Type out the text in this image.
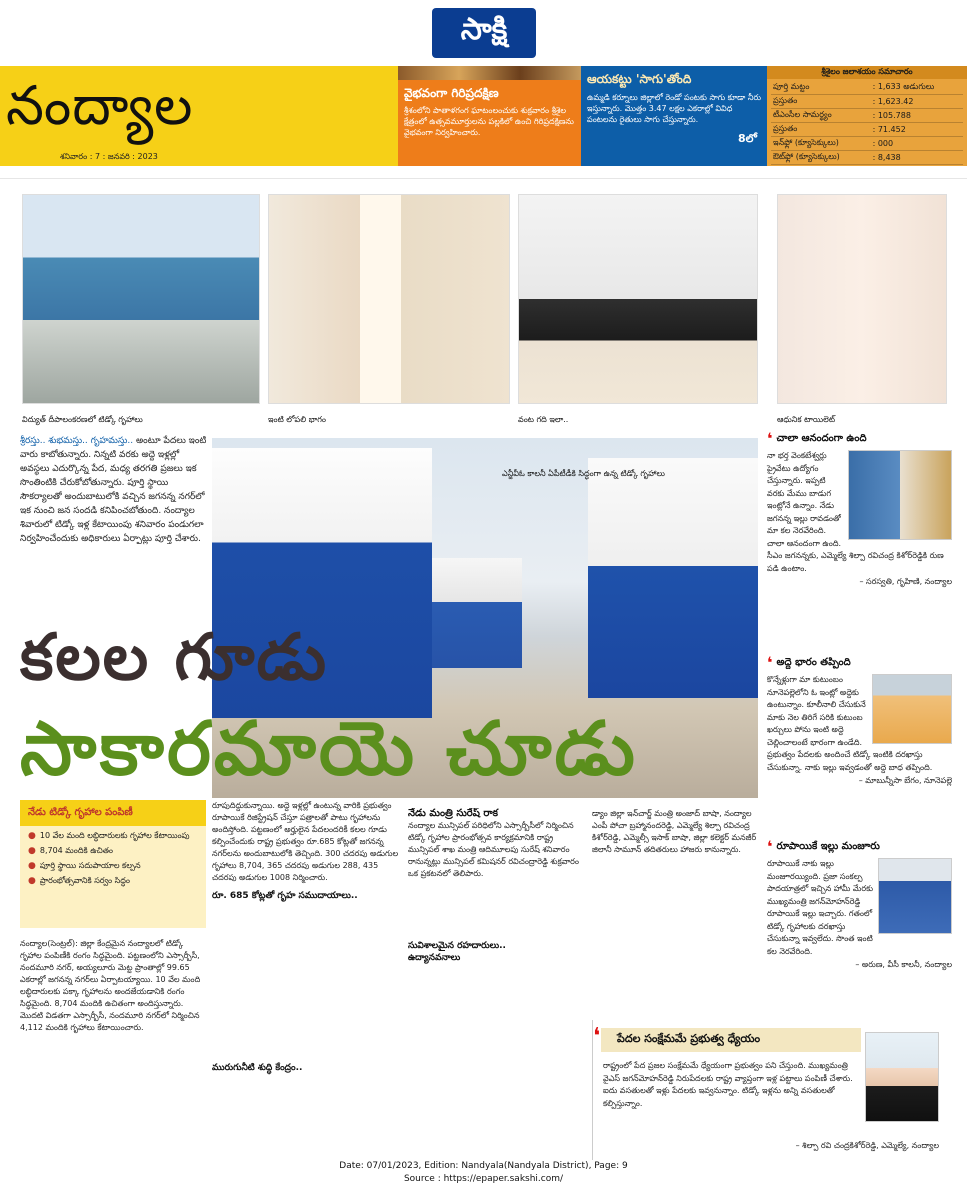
సాక్షి
నంద్యాల
శనివారం : 7 : జనవరి : 2023
వైభవంగా గిరిప్రదక్షిణ

శ్రీశంలోని పాతాళగంగ ఘాటంలంచుకు శుక్రవారం శ్రీశైల క్షేత్రంలో ఉత్సవమూర్తులను పల్లకిలో ఉంచి గిరిప్రదక్షిణను వైభవంగా నిర్వహించారు.

ఆయకట్టు 'సాగు'తోంది

ఉమ్మడి కర్నూలు జిల్లాలో రెండో పంటకు సాగు కూడా నీరు ఇస్తున్నారు. మొత్తం 3.47 లక్షల ఎకరాల్లో వివిధ పంటలను రైతులు సాగు చేస్తున్నారు.

8లో
శ్రీశైలం జలాశయం సమాచారం
పూర్తి మట్టం	: 1,633 అడుగులు
ప్రస్తుతం	: 1,623.42
టీఎంసీల సామర్థ్యం	: 105.788
ప్రస్తుతం	: 71.452
ఇన్‌ఫ్లో (క్యూసెక్కులు)	: 000
ఔట్‌ఫ్లో (క్యూసెక్కులు)	: 8,438
విద్యుత్ దీపాలంకరణలో టిడ్కో గృహాలు	ఇంటి లోపలి భాగం	వంట గది ఇలా..	ఆధునిక టాయిలెట్
శ్రీరస్తు.. శుభమస్తు.. గృహమస్తు.. అంటూ పేదలు ఇంటి వారు కాబోతున్నారు. నిన్నటి వరకు అద్దె ఇళ్లల్లో అవస్థలు ఎదుర్కొన్న పేద, మధ్య తరగతి ప్రజలు ఇక సొంతింటికి చేరుకోబోతున్నారు. పూర్తి స్థాయి సౌకర్యాలతో అందుబాటులోకి వచ్చిన జగనన్న నగర్‌లో ఇక నుంచి జన సందడి కనిపించబోతుంది. నంద్యాల శివారులో టిడ్కో ఇళ్ల కేటాయింపు శనివారం పండుగలా నిర్వహించేందుకు అధికారులు ఏర్పాట్లు పూర్తి చేశారు.
ఎన్జీవీఓ కాలనీ ఏపీటీడీకి సిద్ధంగా ఉన్న టిడ్కో గృహాలు
కలల గూడు
సాకారమాయె చూడు
❛ చాలా ఆనందంగా ఉంది
నా భర్త వెంకటేశ్వర్లు ప్రైవేటు ఉద్యోగం చేస్తున్నారు. ఇప్పటి వరకు మేము బాడుగ ఇంట్లోనే ఉన్నాం. నేడు జగనన్న ఇల్లు రావడంతో మా కల నెరవేరింది. చాలా ఆనందంగా ఉంది. సీఎం జగనన్నకు, ఎమ్మెల్యే శిల్పా రవిచంద్ర కిశోర్‌రెడ్డికి రుణ పడి ఉంటాం.
– సరస్వతి, గృహిణి, నంద్యాల
❛ అద్దె భారం తప్పింది
కొన్నేళ్లుగా మా కుటుంబం నూనెపల్లెలోని ఓ ఇంట్లో అద్దెకు ఉంటున్నాం. కూలీనాలి చేసుకునే మాకు నెల తిరిగే సరికి కుటుంబ ఖర్చులు పోను ఇంటి అద్దె చెల్లించాలంటే భారంగా ఉండేది. ప్రభుత్వం పేదలకు అందించే టిడ్కో ఇంటికి దరఖాస్తు చేసుకున్నా. నాకు ఇల్లు ఇవ్వడంతో అద్దె బాధ తప్పింది.
– మాబున్నీసా బేగం, నూనెపల్లె
❛ రూపాయికే ఇల్లు మంజూరు
రూపాయికే నాకు ఇల్లు మంజూరయ్యింది. ప్రజా సంకల్ప పాదయాత్రలో ఇచ్చిన హామీ మేరకు ముఖ్యమంత్రి జగన్‌మోహన్‌రెడ్డి రూపాయికే ఇల్లు ఇచ్చారు. గతంలో టిడ్కో గృహాలకు దరఖాస్తు చేసుకున్నా ఇవ్వలేదు. సొంత ఇంటి కల నెరవేరింది.
– అరుణ, వీసీ కాలనీ, నంద్యాల
నేడు టిడ్కో గృహాల పంపిణీ
● 10 వేల మంది లబ్ధిదారులకు గృహాల కేటాయింపు
● 8,704 మందికి ఉచితం
● పూర్తి స్థాయి సదుపాయాల కల్పన
● ప్రారంభోత్సవానికి సర్వం సిద్ధం
నంద్యాల(సెంట్రల్): జిల్లా కేంద్రమైన నంద్యాలలో టిడ్కో గృహాల పంపిణీకి రంగం సిద్ధమైంది. పట్టణంలోని ఎస్సార్బీసీ, నందమూరి నగర్, అయ్యలూరు మెట్ట ప్రాంతాల్లో 99.65 ఎకరాల్లో జగనన్న నగర్‌లు ఏర్పాటయ్యాయి. 10 వేల మంది లబ్ధిదారులకు పక్కా గృహాలను అందజేయడానికి రంగం సిద్ధమైంది. 8,704 మందికి ఉచితంగా అందిస్తున్నారు. మొదటి విడతగా ఎస్సార్బీసీ, నందమూరి నగర్‌లో నిర్మించిన 4,112 మందికి గృహాలు కేటాయించారు.
రూపుదిద్దుకున్నాయి. అద్దె ఇళ్లల్లో ఉంటున్న వారికి ప్రభుత్వం రూపాయికే రిజిస్ట్రేషన్ చేస్తూ పత్రాలతో పాటు గృహాలను అందిస్తోంది. పట్టణంలో అర్హులైన పేదలందరికీ కలల గూడు కల్పించేందుకు రాష్ట్ర ప్రభుత్వం రూ.685 కోట్లతో జగనన్న నగర్‌లను అందుబాటులోకి తెచ్చింది. 300 చదరపు అడుగుల గృహాలు 8,704, 365 చదరపు అడుగుల 288, 435 చదరపు అడుగుల 1008 నిర్మించారు.
రూ. 685 కోట్లతో గృహ సముదాయాలు..
మురుగునీటి శుద్ధి కేంద్రం..
నేడు మంత్రి సురేష్ రాక
నంద్యాల మున్సిపల్ పరిధిలోని ఎస్సార్బీసీలో నిర్మించిన టిడ్కో గృహాల ప్రారంభోత్సవ కార్యక్రమానికి రాష్ట్ర మున్సిపల్ శాఖ మంత్రి ఆదిమూలపు సురేష్ శనివారం రానున్నట్లు మున్సిపల్ కమిషనర్ రవిచంద్రారెడ్డి శుక్రవారం ఒక ప్రకటనలో తెలిపారు.
సువిశాలమైన రహదారులు..
ఉద్యానవనాలు
డ్యాం జిల్లా ఇన్‌చార్జ్ మంత్రి అంజాద్ బాషా, నంద్యాల ఎంపీ పోచా బ్రహ్మానందరెడ్డి, ఎమ్మెల్యే శిల్పా రవిచంద్ర కిశోర్‌రెడ్డి, ఎమ్మెల్సీ ఇసాక్ బాషా, జిల్లా కలెక్టర్ మనజీర్ జిలానీ సామూన్ తదితరులు హాజరు కానున్నారు.
❛	పేదల సంక్షేమమే ప్రభుత్వ ధ్యేయం
రాష్ట్రంలో పేద ప్రజల సంక్షేమమే ధ్యేయంగా ప్రభుత్వం పని చేస్తుంది. ముఖ్యమంత్రి వైఎస్ జగన్‌మోహన్‌రెడ్డి నిరుపేదలకు రాష్ట్ర వ్యాప్తంగా ఇళ్ల పట్టాలు పంపిణీ చేశారు. ఐదు వసతులతో ఇళ్లు పేదలకు ఇవ్వనున్నాం. టిడ్కో ఇళ్లను అన్ని వసతులతో కల్పిస్తున్నాం.
– శిల్పా రవి చంద్రకిశోర్‌రెడ్డి, ఎమ్మెల్యే, నంద్యాల
Date: 07/01/2023, Edition: Nandyala(Nandyala District), Page: 9
Source : https://epaper.sakshi.com/
